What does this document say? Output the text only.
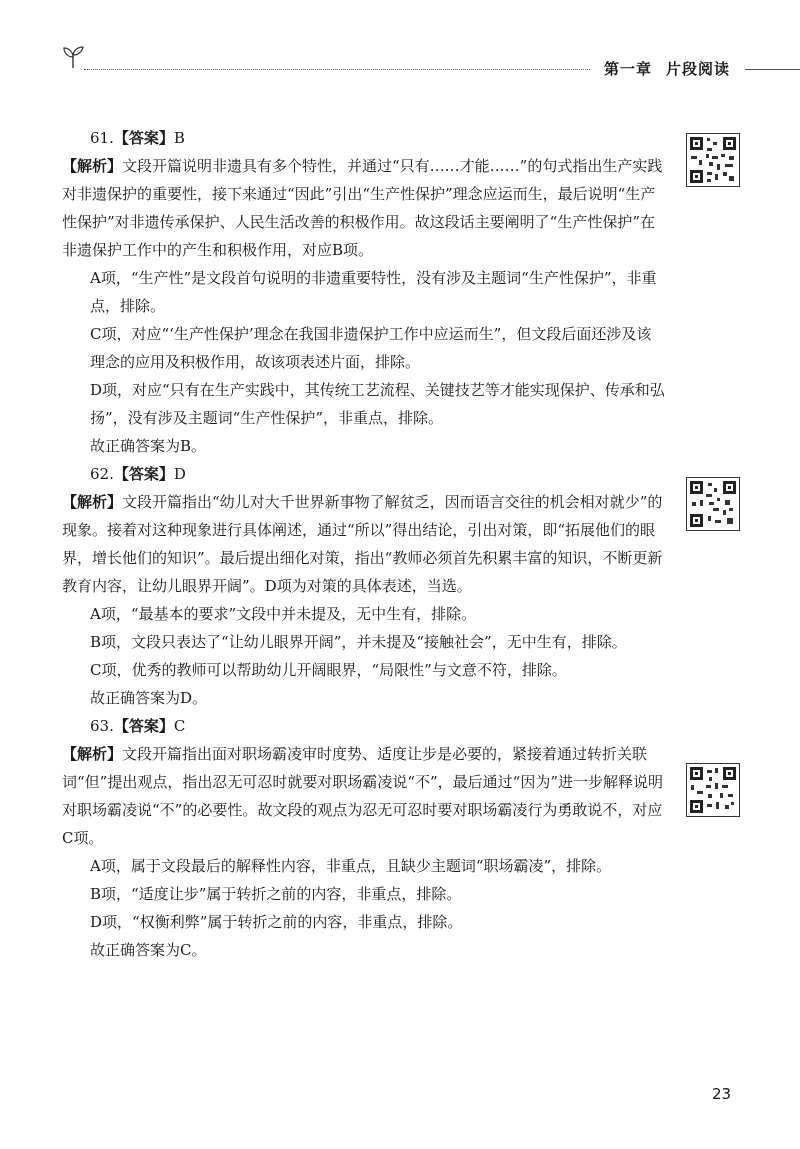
第一章 片段阅读
61.【答案】B
【解析】文段开篇说明非遗具有多个特性，并通过“只有……才能……”的句式指出生产实践对非遗保护的重要性，接下来通过“因此”引出“生产性保护”理念应运而生，最后说明“生产性保护”对非遗传承保护、人民生活改善的积极作用。故这段话主要阐明了“生产性保护”在非遗保护工作中的产生和积极作用，对应B项。
A项，“生产性”是文段首句说明的非遗重要特性，没有涉及主题词“生产性保护”，非重点，排除。
C项，对应“‘生产性保护’理念在我国非遗保护工作中应运而生”，但文段后面还涉及该理念的应用及积极作用，故该项表述片面，排除。
D项，对应“只有在生产实践中，其传统工艺流程、关键技艺等才能实现保护、传承和弘扬”，没有涉及主题词“生产性保护”，非重点，排除。
故正确答案为B。
62.【答案】D
【解析】文段开篇指出“幼儿对大千世界新事物了解贫乏，因而语言交往的机会相对就少”的现象。接着对这种现象进行具体阐述，通过“所以”得出结论，引出对策，即“拓展他们的眼界，增长他们的知识”。最后提出细化对策，指出“教师必须首先积累丰富的知识，不断更新教育内容，让幼儿眼界开阔”。D项为对策的具体表述，当选。
A项，“最基本的要求”文段中并未提及，无中生有，排除。
B项，文段只表达了“让幼儿眼界开阔”，并未提及“接触社会”，无中生有，排除。
C项，优秀的教师可以帮助幼儿开阔眼界，“局限性”与文意不符，排除。
故正确答案为D。
63.【答案】C
【解析】文段开篇指出面对职场霸凌审时度势、适度让步是必要的，紧接着通过转折关联词“但”提出观点，指出忍无可忍时就要对职场霸凌说“不”，最后通过“因为”进一步解释说明对职场霸凌说“不”的必要性。故文段的观点为忍无可忍时要对职场霸凌行为勇敢说不，对应C项。
A项，属于文段最后的解释性内容，非重点，且缺少主题词“职场霸凌”，排除。
B项，“适度让步”属于转折之前的内容，非重点，排除。
D项，“权衡利弊”属于转折之前的内容，非重点，排除。
故正确答案为C。
23
